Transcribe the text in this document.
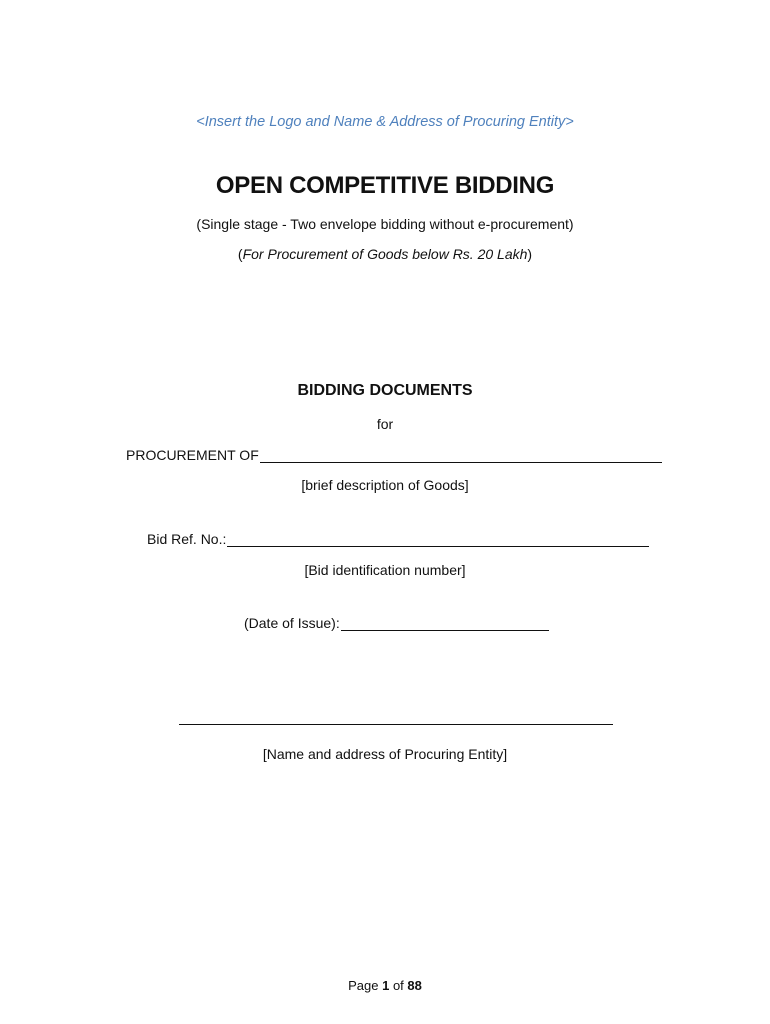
<Insert the Logo and Name & Address of Procuring Entity>
OPEN COMPETITIVE BIDDING
(Single stage - Two envelope bidding without e-procurement)
(For Procurement of Goods below Rs. 20 Lakh)
BIDDING DOCUMENTS
for
PROCUREMENT OF
[brief description of Goods]
Bid Ref. No.:
[Bid identification number]
(Date of Issue):
[Name and address of Procuring Entity]
Page 1 of 88
